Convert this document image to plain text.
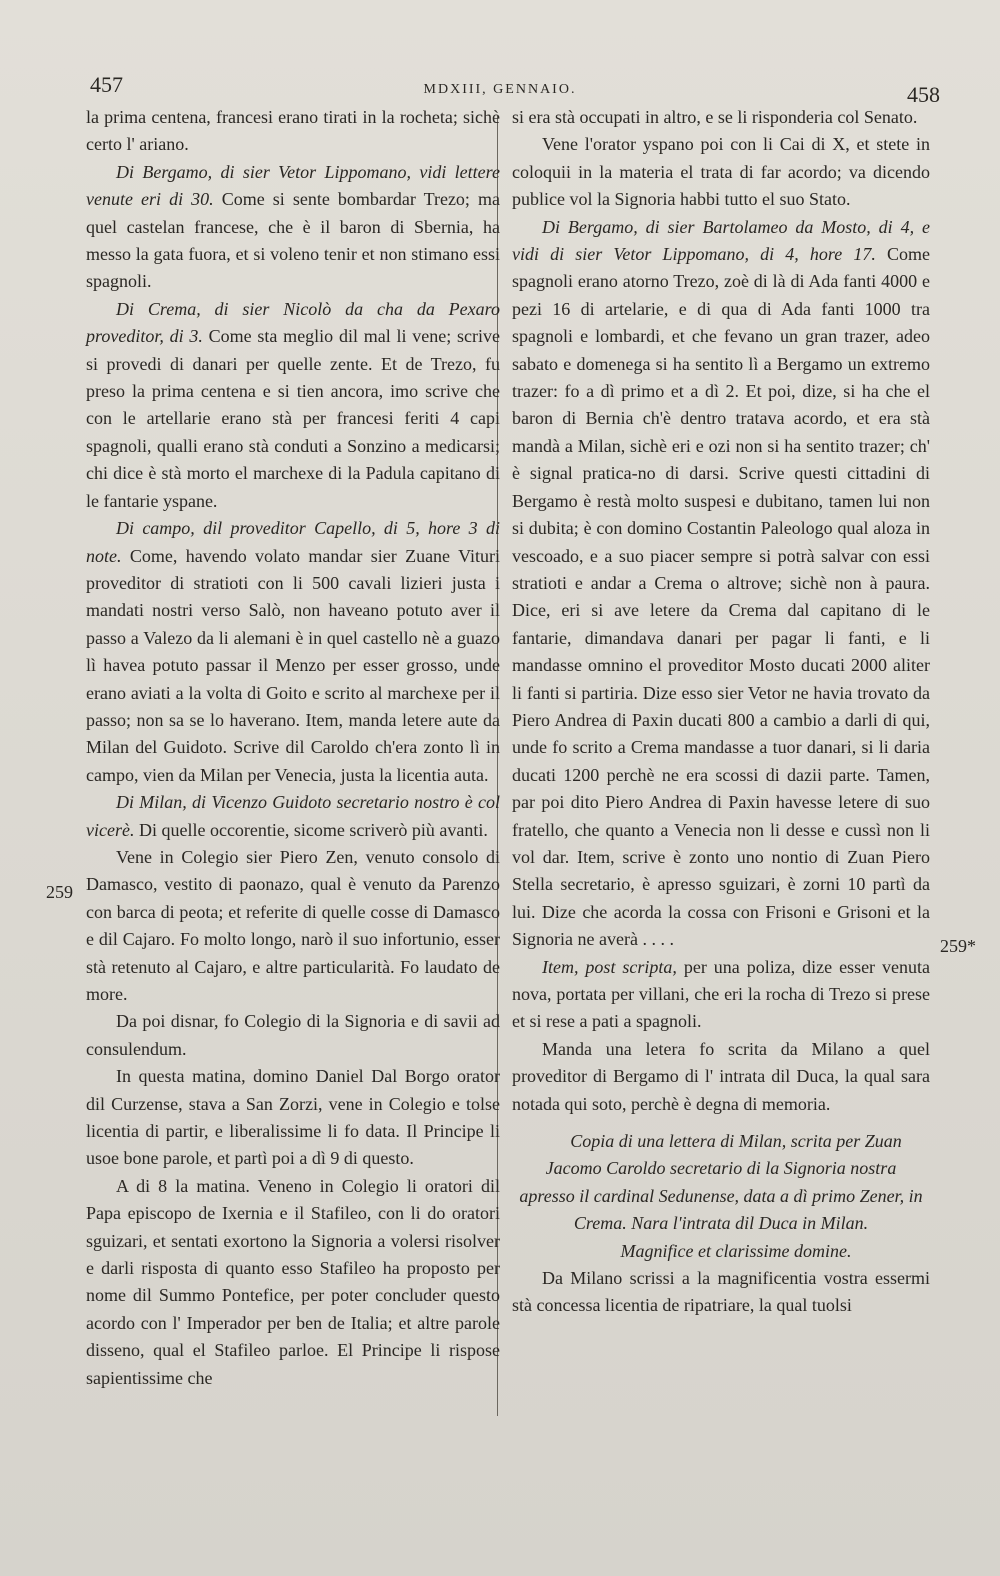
457	MDXIII, GENNAIO.	458
259
259*

la prima centena, francesi erano tirati in la rocheta; sichè certo l' ariano.

Di Bergamo, di sier Vetor Lippomano, vidi lettere venute eri di 30. Come si sente bombardar Trezo; ma quel castelan francese, che è il baron di Sbernia, ha messo la gata fuora, et si voleno tenir et non stimano essi spagnoli.

Di Crema, di sier Nicolò da cha da Pexaro proveditor, di 3. Come sta meglio dil mal li vene; scrive si provedi di danari per quelle zente. Et de Trezo, fu preso la prima centena e si tien ancora, imo scrive che con le artellarie erano stà per francesi feriti 4 capi spagnoli, qualli erano stà conduti a Sonzino a medicarsi; chi dice è stà morto el marchexe di la Padula capitano di le fantarie yspane.

Di campo, dil proveditor Capello, di 5, hore 3 di note. Come, havendo volato mandar sier Zuane Vituri proveditor di stratioti con li 500 cavali lizieri justa i mandati nostri verso Salò, non haveano potuto aver il passo a Valezo da li alemani è in quel castello nè a guazo lì havea potuto passar il Menzo per esser grosso, unde erano aviati a la volta di Goito e scrito al marchexe per il passo; non sa se lo haverano. Item, manda letere aute da Milan del Guidoto. Scrive dil Caroldo ch'era zonto lì in campo, vien da Milan per Venecia, justa la licentia auta.

Di Milan, di Vicenzo Guidoto secretario nostro è col vicerè. Di quelle occorentie, sicome scriverò più avanti.

Vene in Colegio sier Piero Zen, venuto consolo di Damasco, vestito di paonazo, qual è venuto da Parenzo con barca di peota; et referite di quelle cosse di Damasco e dil Cajaro. Fo molto longo, narò il suo infortunio, esser stà retenuto al Cajaro, e altre particularità. Fo laudato de more.

Da poi disnar, fo Colegio di la Signoria e di savii ad consulendum.

In questa matina, domino Daniel Dal Borgo orator dil Curzense, stava a San Zorzi, vene in Colegio e tolse licentia di partir, e liberalissime li fo data. Il Principe li usoe bone parole, et partì poi a dì 9 di questo.

A di 8 la matina. Veneno in Colegio li oratori dil Papa episcopo de Ixernia e il Stafileo, con li do oratori sguizari, et sentati exortono la Signoria a volersi risolver e darli risposta di quanto esso Stafileo ha proposto per nome dil Summo Pontefice, per poter concluder questo acordo con l' Imperador per ben de Italia; et altre parole disseno, qual el Stafileo parloe. El Principe li rispose sapientissime che

si era stà occupati in altro, e se li risponderia col Senato.

Vene l'orator yspano poi con li Cai di X, et stete in coloquii in la materia el trata di far acordo; va dicendo publice vol la Signoria habbi tutto el suo Stato.

Di Bergamo, di sier Bartolameo da Mosto, di 4, e vidi di sier Vetor Lippomano, di 4, hore 17. Come spagnoli erano atorno Trezo, zoè di là di Ada fanti 4000 e pezi 16 di artelarie, e di qua di Ada fanti 1000 tra spagnoli e lombardi, et che fevano un gran trazer, adeo sabato e domenega si ha sentito lì a Bergamo un extremo trazer: fo a dì primo et a dì 2. Et poi, dize, si ha che el baron di Bernia ch'è dentro tratava acordo, et era stà mandà a Milan, sichè eri e ozi non si ha sentito trazer; ch' è signal pratica-no di darsi. Scrive questi cittadini di Bergamo è restà molto suspesi e dubitano, tamen lui non si dubita; è con domino Costantin Paleologo qual aloza in vescoado, e a suo piacer sempre si potrà salvar con essi stratioti e andar a Crema o altrove; sichè non à paura. Dice, eri si ave letere da Crema dal capitano di le fantarie, dimandava danari per pagar li fanti, e li mandasse omnino el proveditor Mosto ducati 2000 aliter li fanti si partiria. Dize esso sier Vetor ne havia trovato da Piero Andrea di Paxin ducati 800 a cambio a darli di qui, unde fo scrito a Crema mandasse a tuor danari, si li daria ducati 1200 perchè ne era scossi di dazii parte. Tamen, par poi dito Piero Andrea di Paxin havesse letere di suo fratello, che quanto a Venecia non li desse e cussì non li vol dar. Item, scrive è zonto uno nontio di Zuan Piero Stella secretario, è apresso sguizari, è zorni 10 partì da lui. Dize che acorda la cossa con Frisoni e Grisoni et la Signoria ne averà . . . .

Item, post scripta, per una poliza, dize esser venuta nova, portata per villani, che eri la rocha di Trezo si prese et si rese a pati a spagnoli.

Manda una letera fo scrita da Milano a quel proveditor di Bergamo di l' intrata dil Duca, la qual sara notada qui soto, perchè è degna di memoria.

Copia di una lettera di Milan, scrita per Zuan Jacomo Caroldo secretario di la Signoria nostra apresso il cardinal Sedunense, data a dì primo Zener, in Crema. Nara l'intrata dil Duca in Milan.

Magnifice et clarissime domine.

Da Milano scrissi a la magnificentia vostra essermi stà concessa licentia de ripatriare, la qual tuolsi
